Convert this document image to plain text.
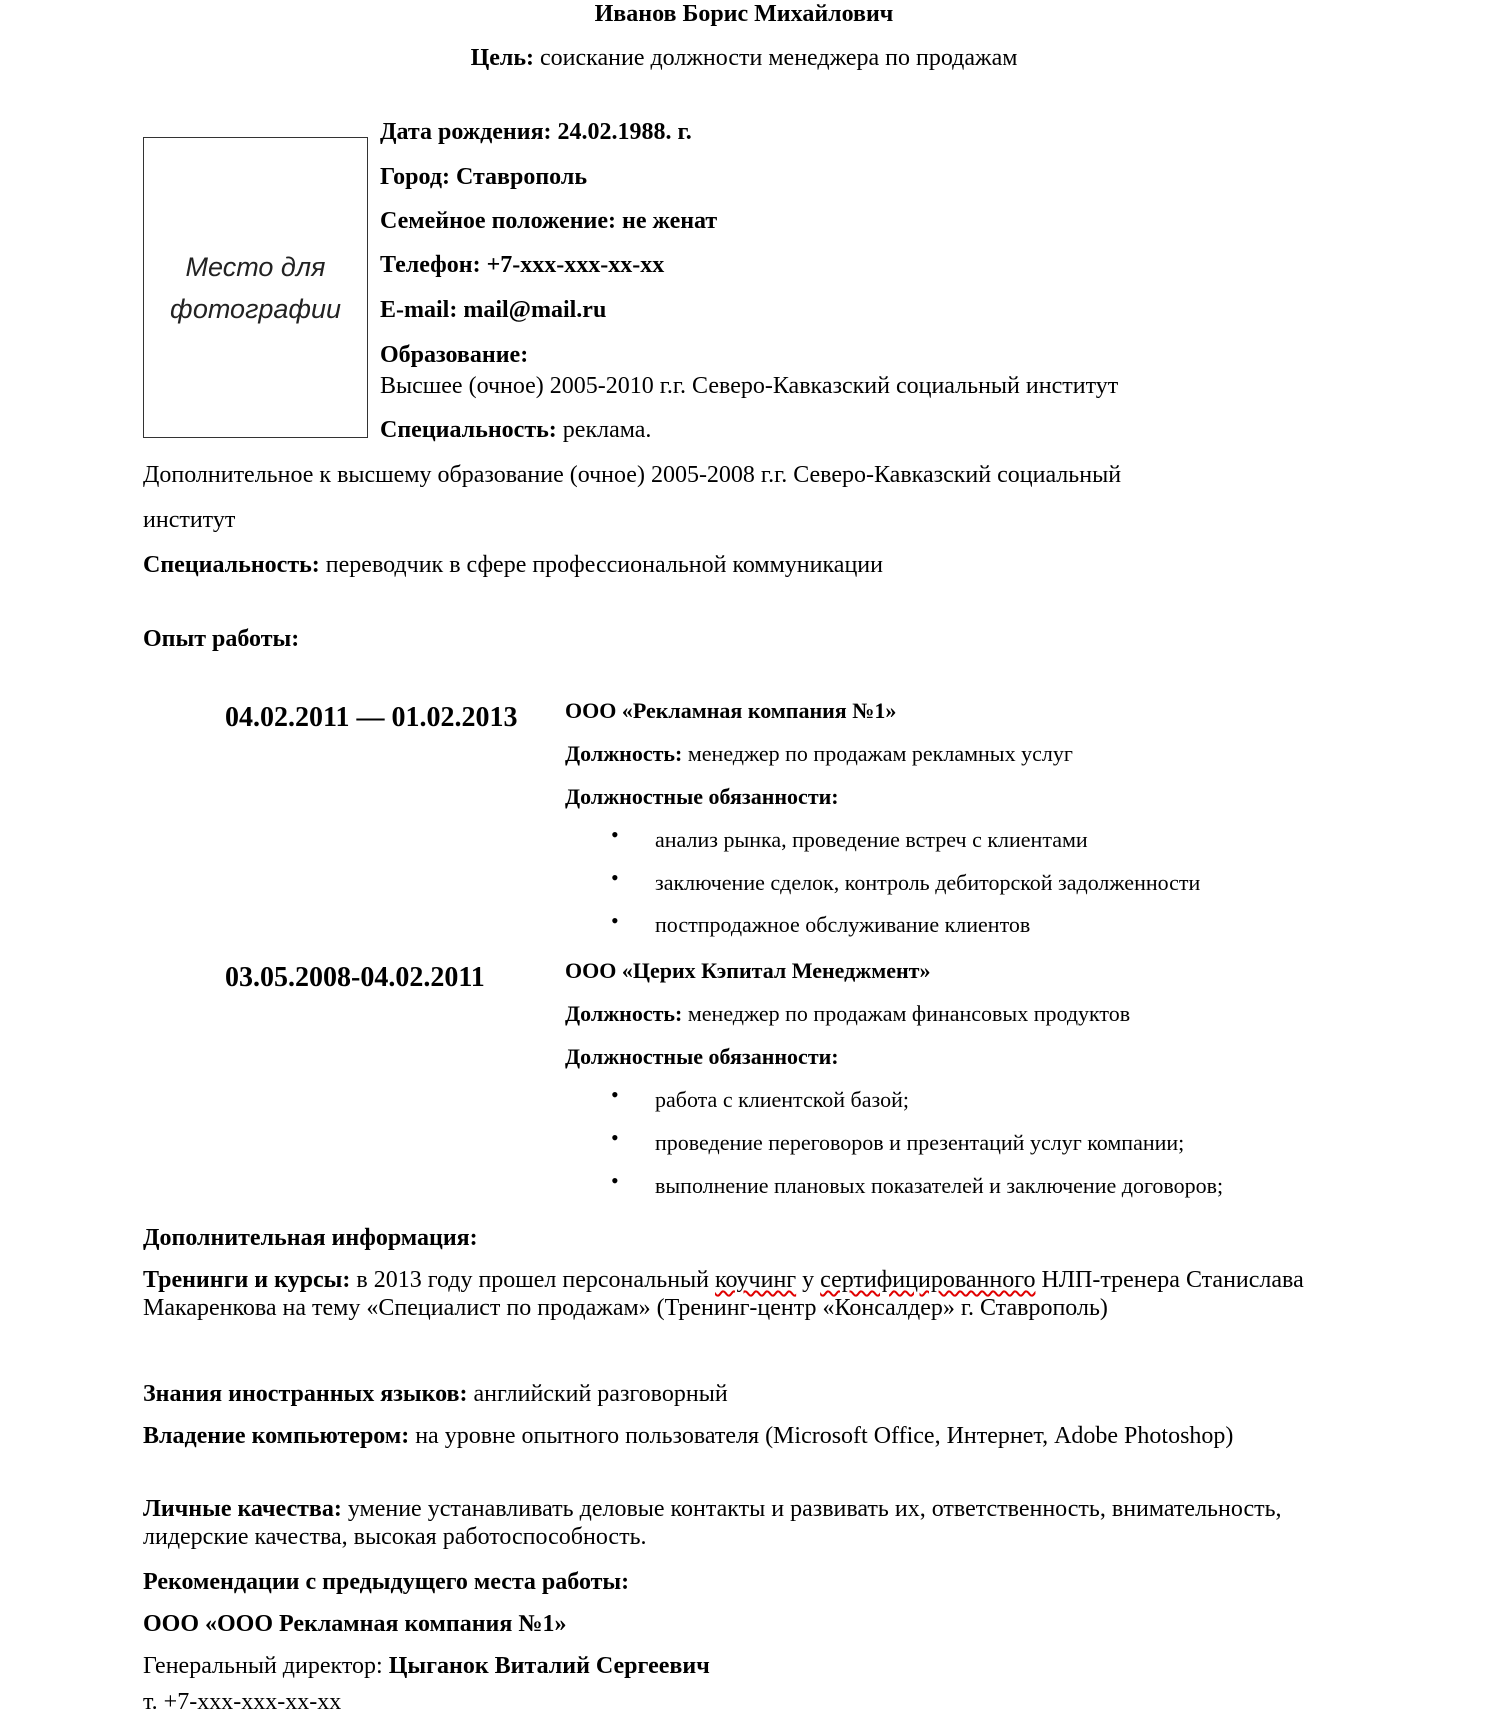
Иванов Борис Михайлович
Цель: соискание должности менеджера по продажам
Место для
фотографии
Дата рождения: 24.02.1988. г.
Город: Ставрополь
Семейное положение: не женат
Телефон: +7-ххх-ххх-хх-хх
E-mail: mail@mail.ru
Образование:
Высшее (очное) 2005-2010 г.г. Северо-Кавказский социальный институт
Специальность: реклама.
Дополнительное к высшему образование (очное) 2005-2008 г.г. Северо-Кавказский социальный
институт
Специальность: переводчик в сфере профессиональной коммуникации
Опыт работы:
04.02.2011 — 01.02.2013 ООО «Рекламная компания №1»
Должность: менеджер по продажам рекламных услуг
Должностные обязанности:
• анализ рынка, проведение встреч с клиентами
• заключение сделок, контроль дебиторской задолженности
• постпродажное обслуживание клиентов
03.05.2008-04.02.2011	ООО «Церих Кэпитал Менеджмент»
Должность: менеджер по продажам финансовых продуктов
Должностные обязанности:
• работа с клиентской базой;
• проведение переговоров и презентаций услуг компании;
• выполнение плановых показателей и заключение договоров;
Дополнительная информация:
Тренинги и курсы: в 2013 году прошел персональный коучинг у сертифицированного НЛП-тренера Станислава Макаренкова на тему «Специалист по продажам» (Тренинг-центр «Консалдер» г. Ставрополь)
Знания иностранных языков: английский разговорный
Владение компьютером: на уровне опытного пользователя (Microsoft Office, Интернет, Adobe Photoshop)
Личные качества: умение устанавливать деловые контакты и развивать их, ответственность, внимательность, лидерские качества, высокая работоспособность.
Рекомендации с предыдущего места работы:
ООО «ООО Рекламная компания №1»
Генеральный директор: Цыганок Виталий Сергеевич
т. +7-ххх-ххх-хх-хх
